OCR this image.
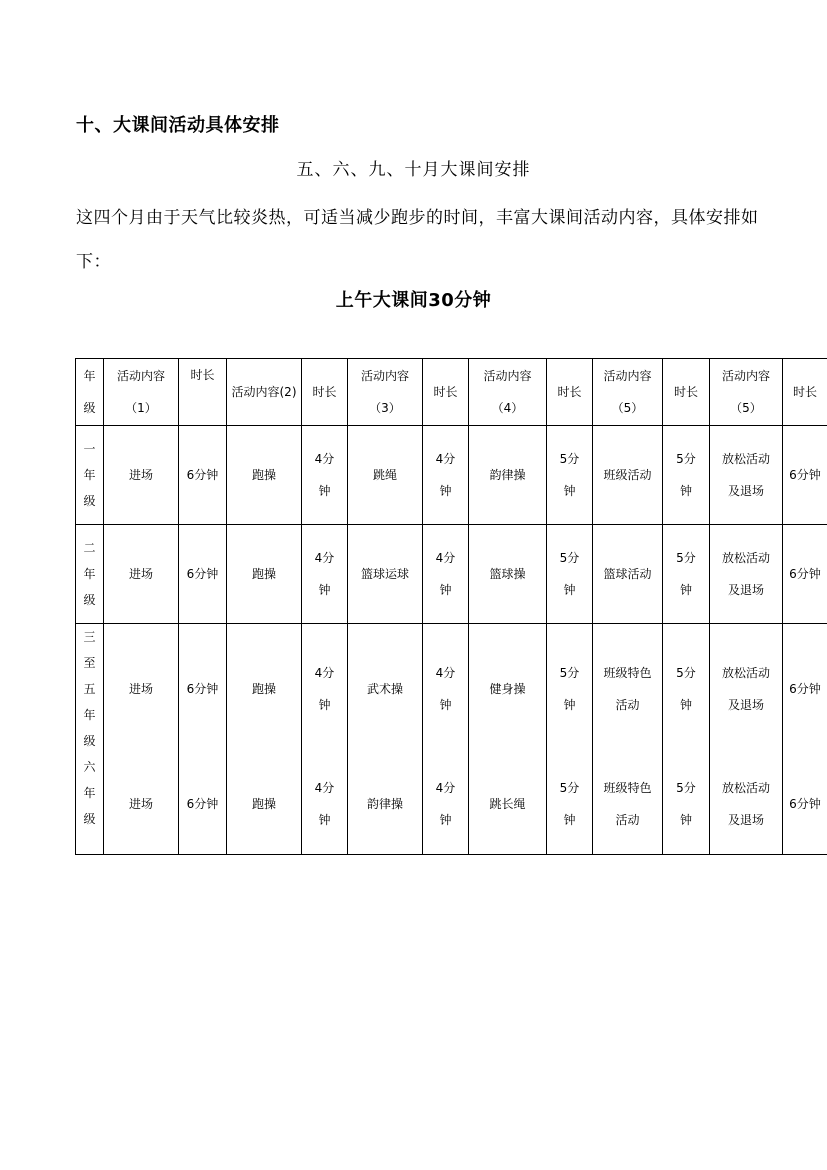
十、大课间活动具体安排
五、六、九、十月大课间安排
这四个月由于天气比较炎热，可适当减少跑步的时间，丰富大课间活动内容，具体安排如下：
上午大课间30分钟
年级	活动内容（1）	时长	活动内容(2)	时长	活动内容（3）	时长	活动内容（4）	时长	活动内容（5）	时长	活动内容（5）	时长
一年级	进场	6分钟	跑操	4分钟	跳绳	4分钟	韵律操	5分钟	班级活动	5分钟	放松活动及退场	6分钟
二年级	进场	6分钟	跑操	4分钟	篮球运球	4分钟	篮球操	5分钟	篮球活动	5分钟	放松活动及退场	6分钟
三至五年级	进场	6分钟	跑操	4分钟	武术操	4分钟	健身操	5分钟	班级特色活动	5分钟	放松活动及退场	6分钟
六年级	进场	6分钟	跑操	4分钟	韵律操	4分钟	跳长绳	5分钟	班级特色活动	5分钟	放松活动及退场	6分钟
